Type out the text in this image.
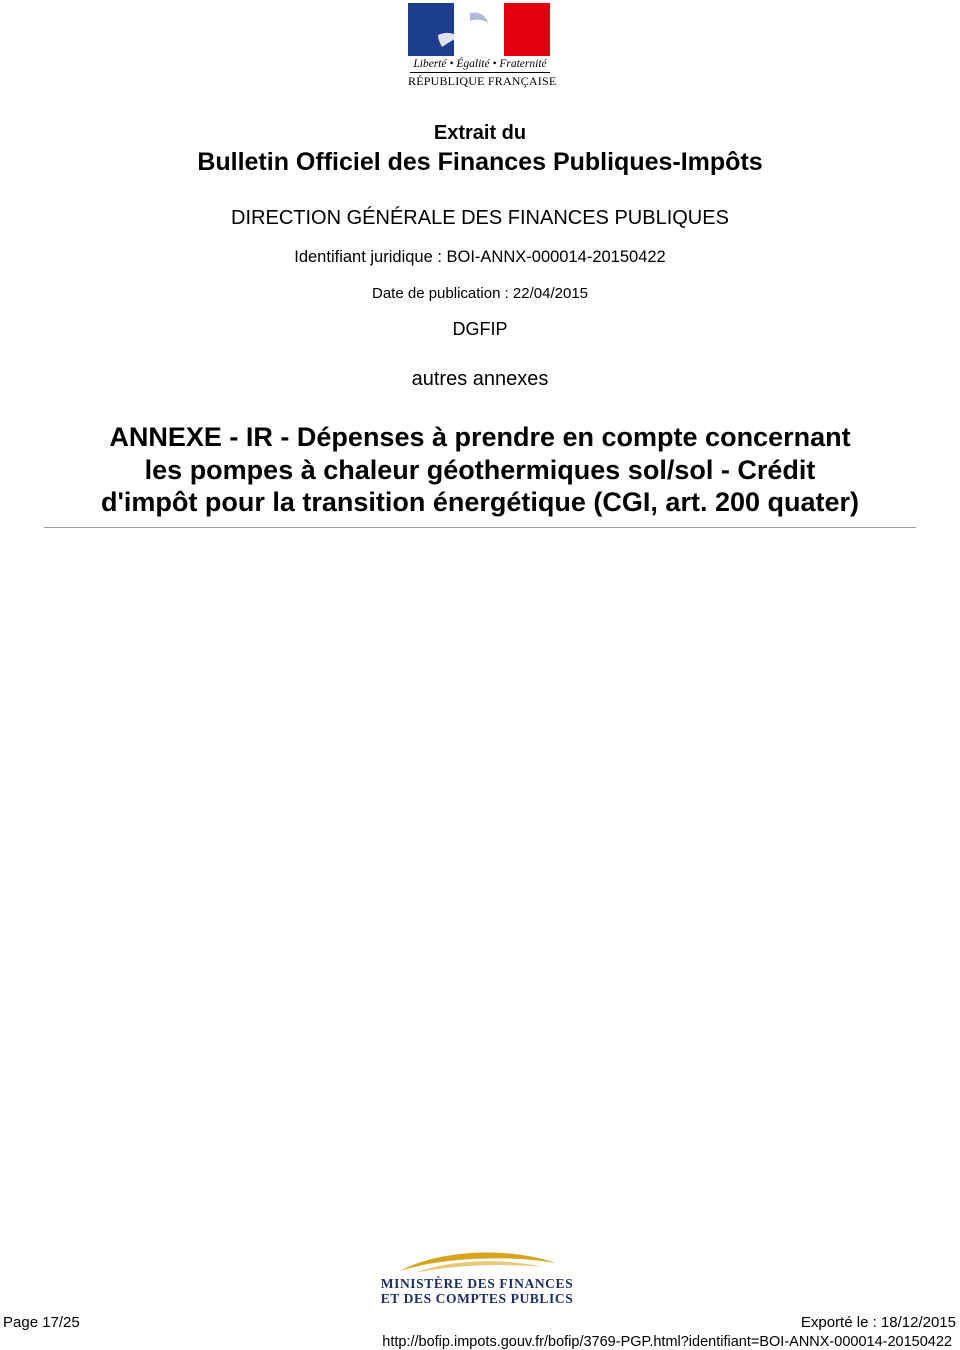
Liberté • Égalité • Fraternité
RÉPUBLIQUE FRANÇAISE
Extrait du
Bulletin Officiel des Finances Publiques-Impôts
DIRECTION GÉNÉRALE DES FINANCES PUBLIQUES
Identifiant juridique : BOI-ANNX-000014-20150422
Date de publication : 22/04/2015
DGFIP
autres annexes
ANNEXE - IR - Dépenses à prendre en compte concernant
les pompes à chaleur géothermiques sol/sol - Crédit
d'impôt pour la transition énergétique (CGI, art. 200 quater)
MINISTÈRE DES FINANCES
ET DES COMPTES PUBLICS
Page 17/25	Exporté le : 18/12/2015
http://bofip.impots.gouv.fr/bofip/3769-PGP.html?identifiant=BOI-ANNX-000014-20150422
